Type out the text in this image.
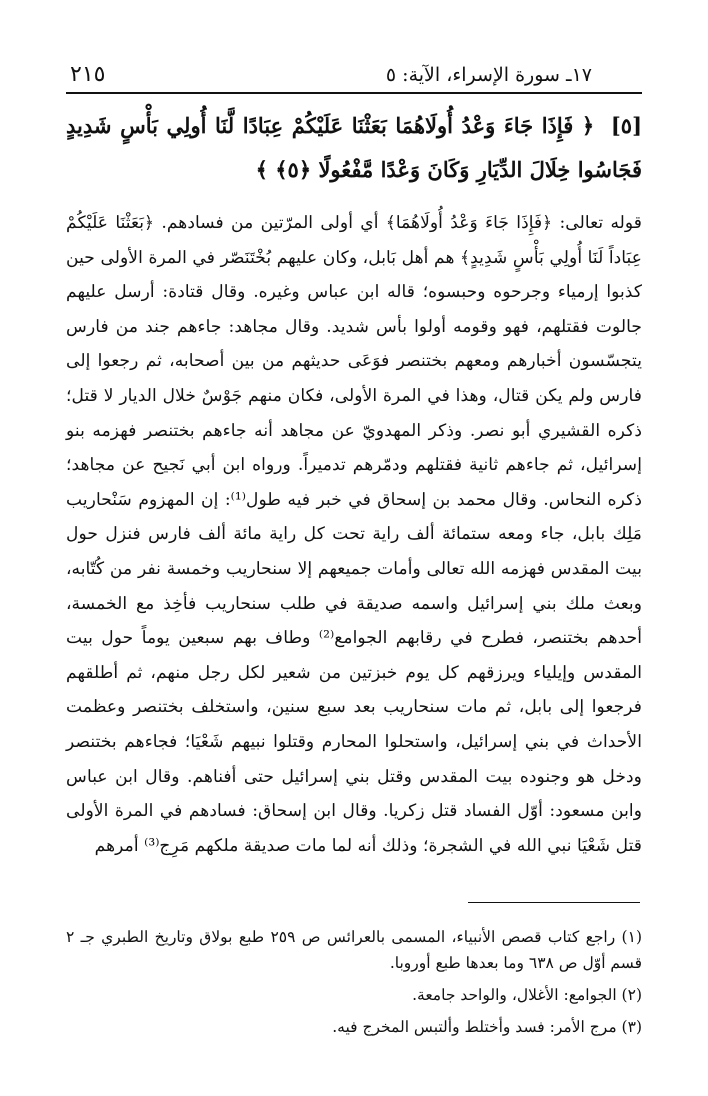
٢١٥	١٧ـ سورة الإسراء، الآية: ٥
[٥] ﴿ فَإِذَا جَاءَ وَعْدُ أُولَاهُمَا بَعَثْنَا عَلَيْكُمْ عِبَادًا لَّنَا أُولِي بَأْسٍ شَدِيدٍ فَجَاسُوا خِلَالَ الدِّيَارِ وَكَانَ وَعْدًا مَّفْعُولًا ﴿٥﴾ ﴾

قوله تعالى: ﴿فَإِذَا جَاءَ وَعْدُ أُولَاهُمَا﴾ أي أولى المرّتين من فسادهم. ﴿بَعَثْنَا عَلَيْكُمْ عِبَاداً لَنَا أُولِي بَأْسٍ شَدِيدٍ﴾ هم أهل بَابل، وكان عليهم بُخْتَنَصّر في المرة الأولى حين كذبوا إرمياء وجرحوه وحبسوه؛ قاله ابن عباس وغيره. وقال قتادة: أرسل عليهم جالوت فقتلهم، فهو وقومه أولوا بأس شديد. وقال مجاهد: جاءهم جند من فارس يتجسّسون أخبارهم ومعهم بختنصر فوَعَى حديثهم من بين أصحابه، ثم رجعوا إلى فارس ولم يكن قتال، وهذا في المرة الأولى، فكان منهم جَوْسٌ خلال الديار لا قتل؛ ذكره القشيري أبو نصر. وذكر المهدويّ عن مجاهد أنه جاءهم بختنصر فهزمه بنو إسرائيل، ثم جاءهم ثانية فقتلهم ودمّرهم تدميراً. ورواه ابن أبي نَجيح عن مجاهد؛ ذكره النحاس. وقال محمد بن إسحاق في خبر فيه طول⁽¹⁾: إن المهزوم سَنْحاريب مَلِك بابل، جاء ومعه ستمائة ألف راية تحت كل راية مائة ألف فارس فنزل حول بيت المقدس فهزمه الله تعالى وأمات جميعهم إلا سنحاريب وخمسة نفر من كُتّابه، وبعث ملك بني إسرائيل واسمه صديقة في طلب سنحاريب فأخِذ مع الخمسة، أحدهم بختنصر، فطرح في رقابهم الجوامع⁽²⁾ وطاف بهم سبعين يوماً حول بيت المقدس وإيلياء ويرزقهم كل يوم خبزتين من شعير لكل رجل منهم، ثم أطلقهم فرجعوا إلى بابل، ثم مات سنحاريب بعد سبع سنين، واستخلف بختنصر وعظمت الأحداث في بني إسرائيل، واستحلوا المحارم وقتلوا نبيهم شَعْيَا؛ فجاءهم بختنصر ودخل هو وجنوده بيت المقدس وقتل بني إسرائيل حتى أفناهم. وقال ابن عباس وابن مسعود: أوّل الفساد قتل زكريا. وقال ابن إسحاق: فسادهم في المرة الأولى قتل شَعْيَا نبي الله في الشجرة؛ وذلك أنه لما مات صديقة ملكهم مَرِج⁽³⁾ أمرهم

(١) راجع كتاب قصص الأنبياء، المسمى بالعرائس ص ٢٥٩ طبع بولاق وتاريخ الطبري جـ ٢ قسم أوّل ص ٦٣٨ وما بعدها طبع أوروبا.
(٢) الجوامع: الأغلال، والواحد جامعة.
(٣) مرج الأمر: فسد وأختلط وألتبس المخرج فيه.
